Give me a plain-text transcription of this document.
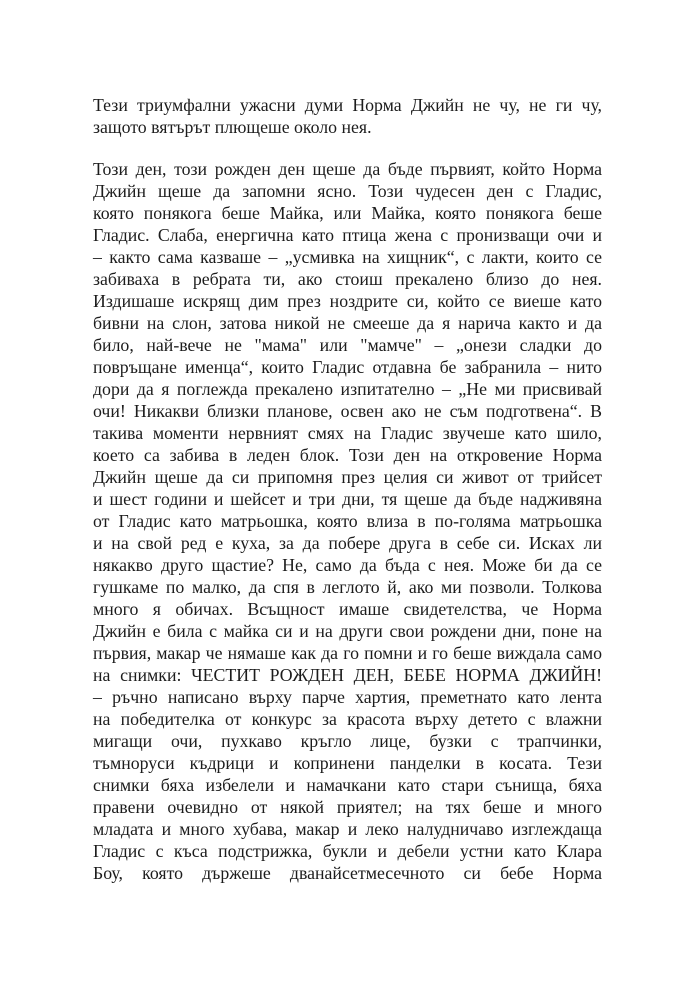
Тези триумфални ужасни думи Норма Джийн не чу, не ги чу,

защото вятърът плющеше около нея.

Този ден, този рожден ден щеше да бъде първият, който Норма

Джийн щеше да запомни ясно. Този чудесен ден с Гладис,

която понякога беше Майка, или Майка, която понякога беше

Гладис. Слаба, енергична като птица жена с пронизващи очи и

– както сама казваше – „усмивка на хищник“, с лакти, които се

забиваха в ребрата ти, ако стоиш прекалено близо до нея.

Издишаше искрящ дим през ноздрите си, който се виеше като

бивни на слон, затова никой не смееше да я нарича както и да

било, най-вече не "мама" или "мамче" – „онези сладки до

повръщане именца“, които Гладис отдавна бе забранила – нито

дори да я поглежда прекалено изпитателно – „Не ми присвивай

очи! Никакви близки планове, освен ако не съм подготвена“. В

такива моменти нервният смях на Гладис звучеше като шило,

което са забива в леден блок. Този ден на откровение Норма

Джийн щеше да си припомня през целия си живот от трийсет

и шест години и шейсет и три дни, тя щеше да бъде надживяна

от Гладис като матрьошка, която влиза в по-голяма матрьошка

и на свой ред е куха, за да побере друга в себе си. Исках ли

някакво друго щастие? Не, само да бъда с нея. Може би да се

гушкаме по малко, да спя в леглото й, ако ми позволи. Толкова

много я обичах. Всъщност имаше свидетелства, че Норма

Джийн е била с майка си и на други свои рождени дни, поне на

първия, макар че нямаше как да го помни и го беше виждала само

на снимки: ЧЕСТИТ РОЖДЕН ДЕН, БЕБЕ НОРМА ДЖИЙН!

– ръчно написано върху парче хартия, преметнато като лента

на победителка от конкурс за красота върху детето с влажни

мигащи очи, пухкаво кръгло лице, бузки с трапчинки,

тъмноруси къдрици и копринени панделки в косата. Тези

снимки бяха избелели и намачкани като стари сънища, бяха

правени очевидно от някой приятел; на тях беше и много

младата и много хубава, макар и леко налудничаво изглеждаща

Гладис с къса подстрижка, букли и дебели устни като Клара

Боу, която държеше дванайсетмесечното си бебе Норма
